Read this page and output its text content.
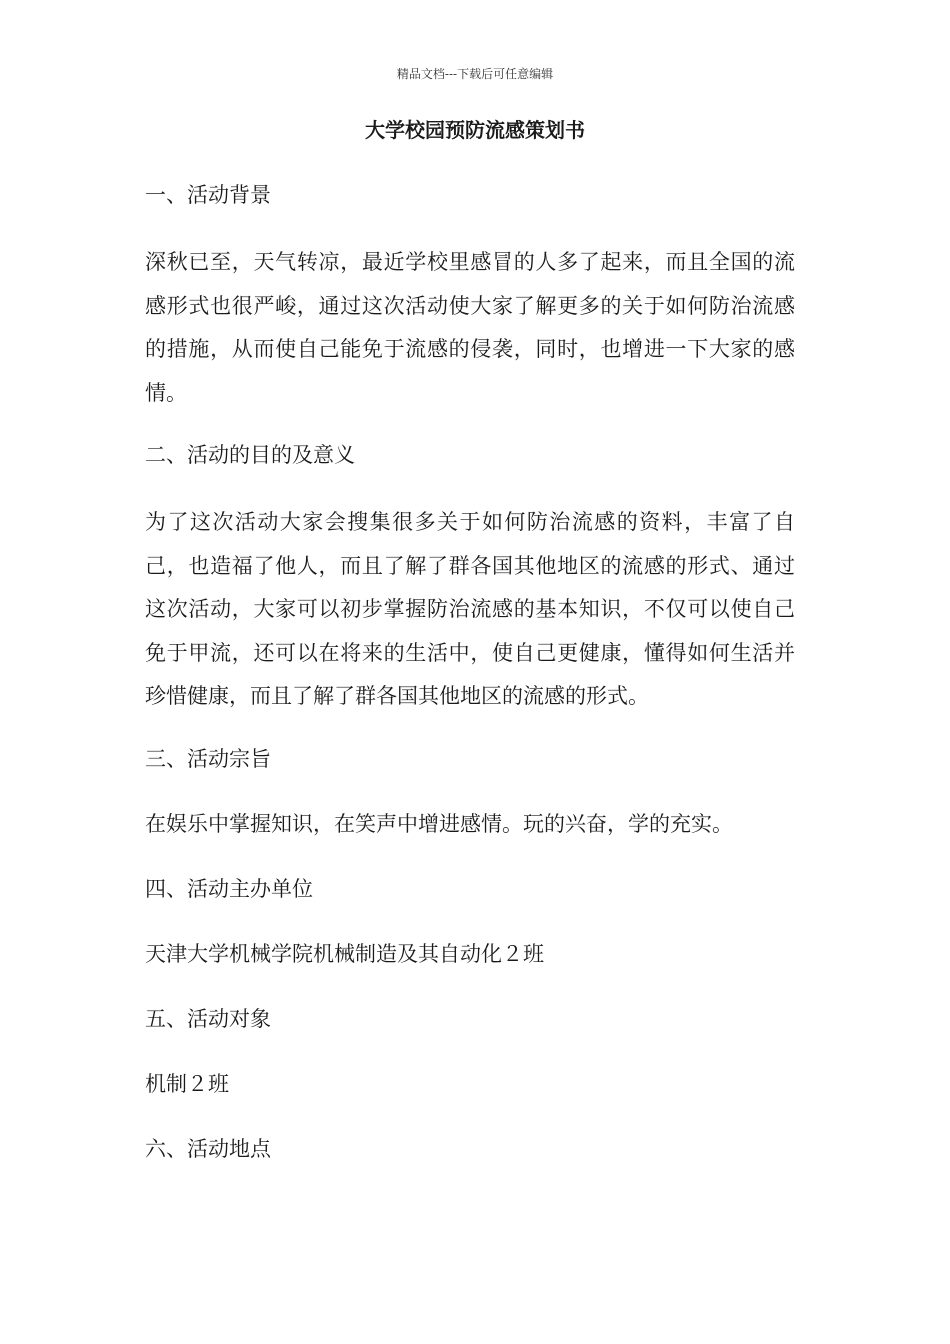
精品文档---下载后可任意编辑
大学校园预防流感策划书
一、活动背景

深秋已至，天气转凉，最近学校里感冒的人多了起来，而且全国的流感形式也很严峻，通过这次活动使大家了解更多的关于如何防治流感的措施，从而使自己能免于流感的侵袭，同时，也增进一下大家的感情。

二、活动的目的及意义

为了这次活动大家会搜集很多关于如何防治流感的资料，丰富了自己，也造福了他人，而且了解了群各国其他地区的流感的形式、通过这次活动，大家可以初步掌握防治流感的基本知识，不仅可以使自己免于甲流，还可以在将来的生活中，使自己更健康，懂得如何生活并珍惜健康，而且了解了群各国其他地区的流感的形式。

三、活动宗旨

在娱乐中掌握知识，在笑声中增进感情。玩的兴奋，学的充实。

四、活动主办单位

天津大学机械学院机械制造及其自动化２班

五、活动对象

机制２班

六、活动地点
